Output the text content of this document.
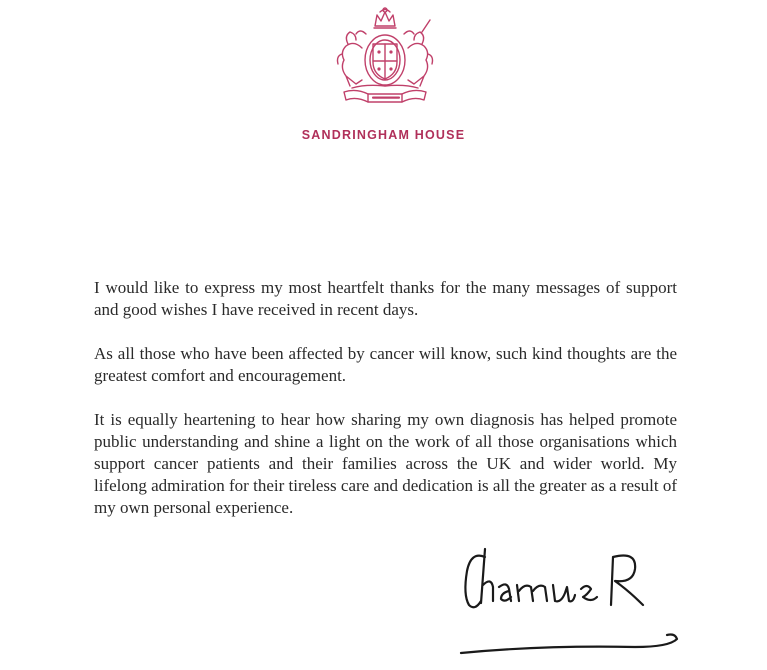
SANDRINGHAM HOUSE

I would like to express my most heartfelt thanks for the many messages of support and good wishes I have received in recent days.

As all those who have been affected by cancer will know, such kind thoughts are the greatest comfort and encouragement.

It is equally heartening to hear how sharing my own diagnosis has helped promote public understanding and shine a light on the work of all those organisations which support cancer patients and their families across the UK and wider world. My lifelong admiration for their tireless care and dedication is all the greater as a result of my own personal experience.
